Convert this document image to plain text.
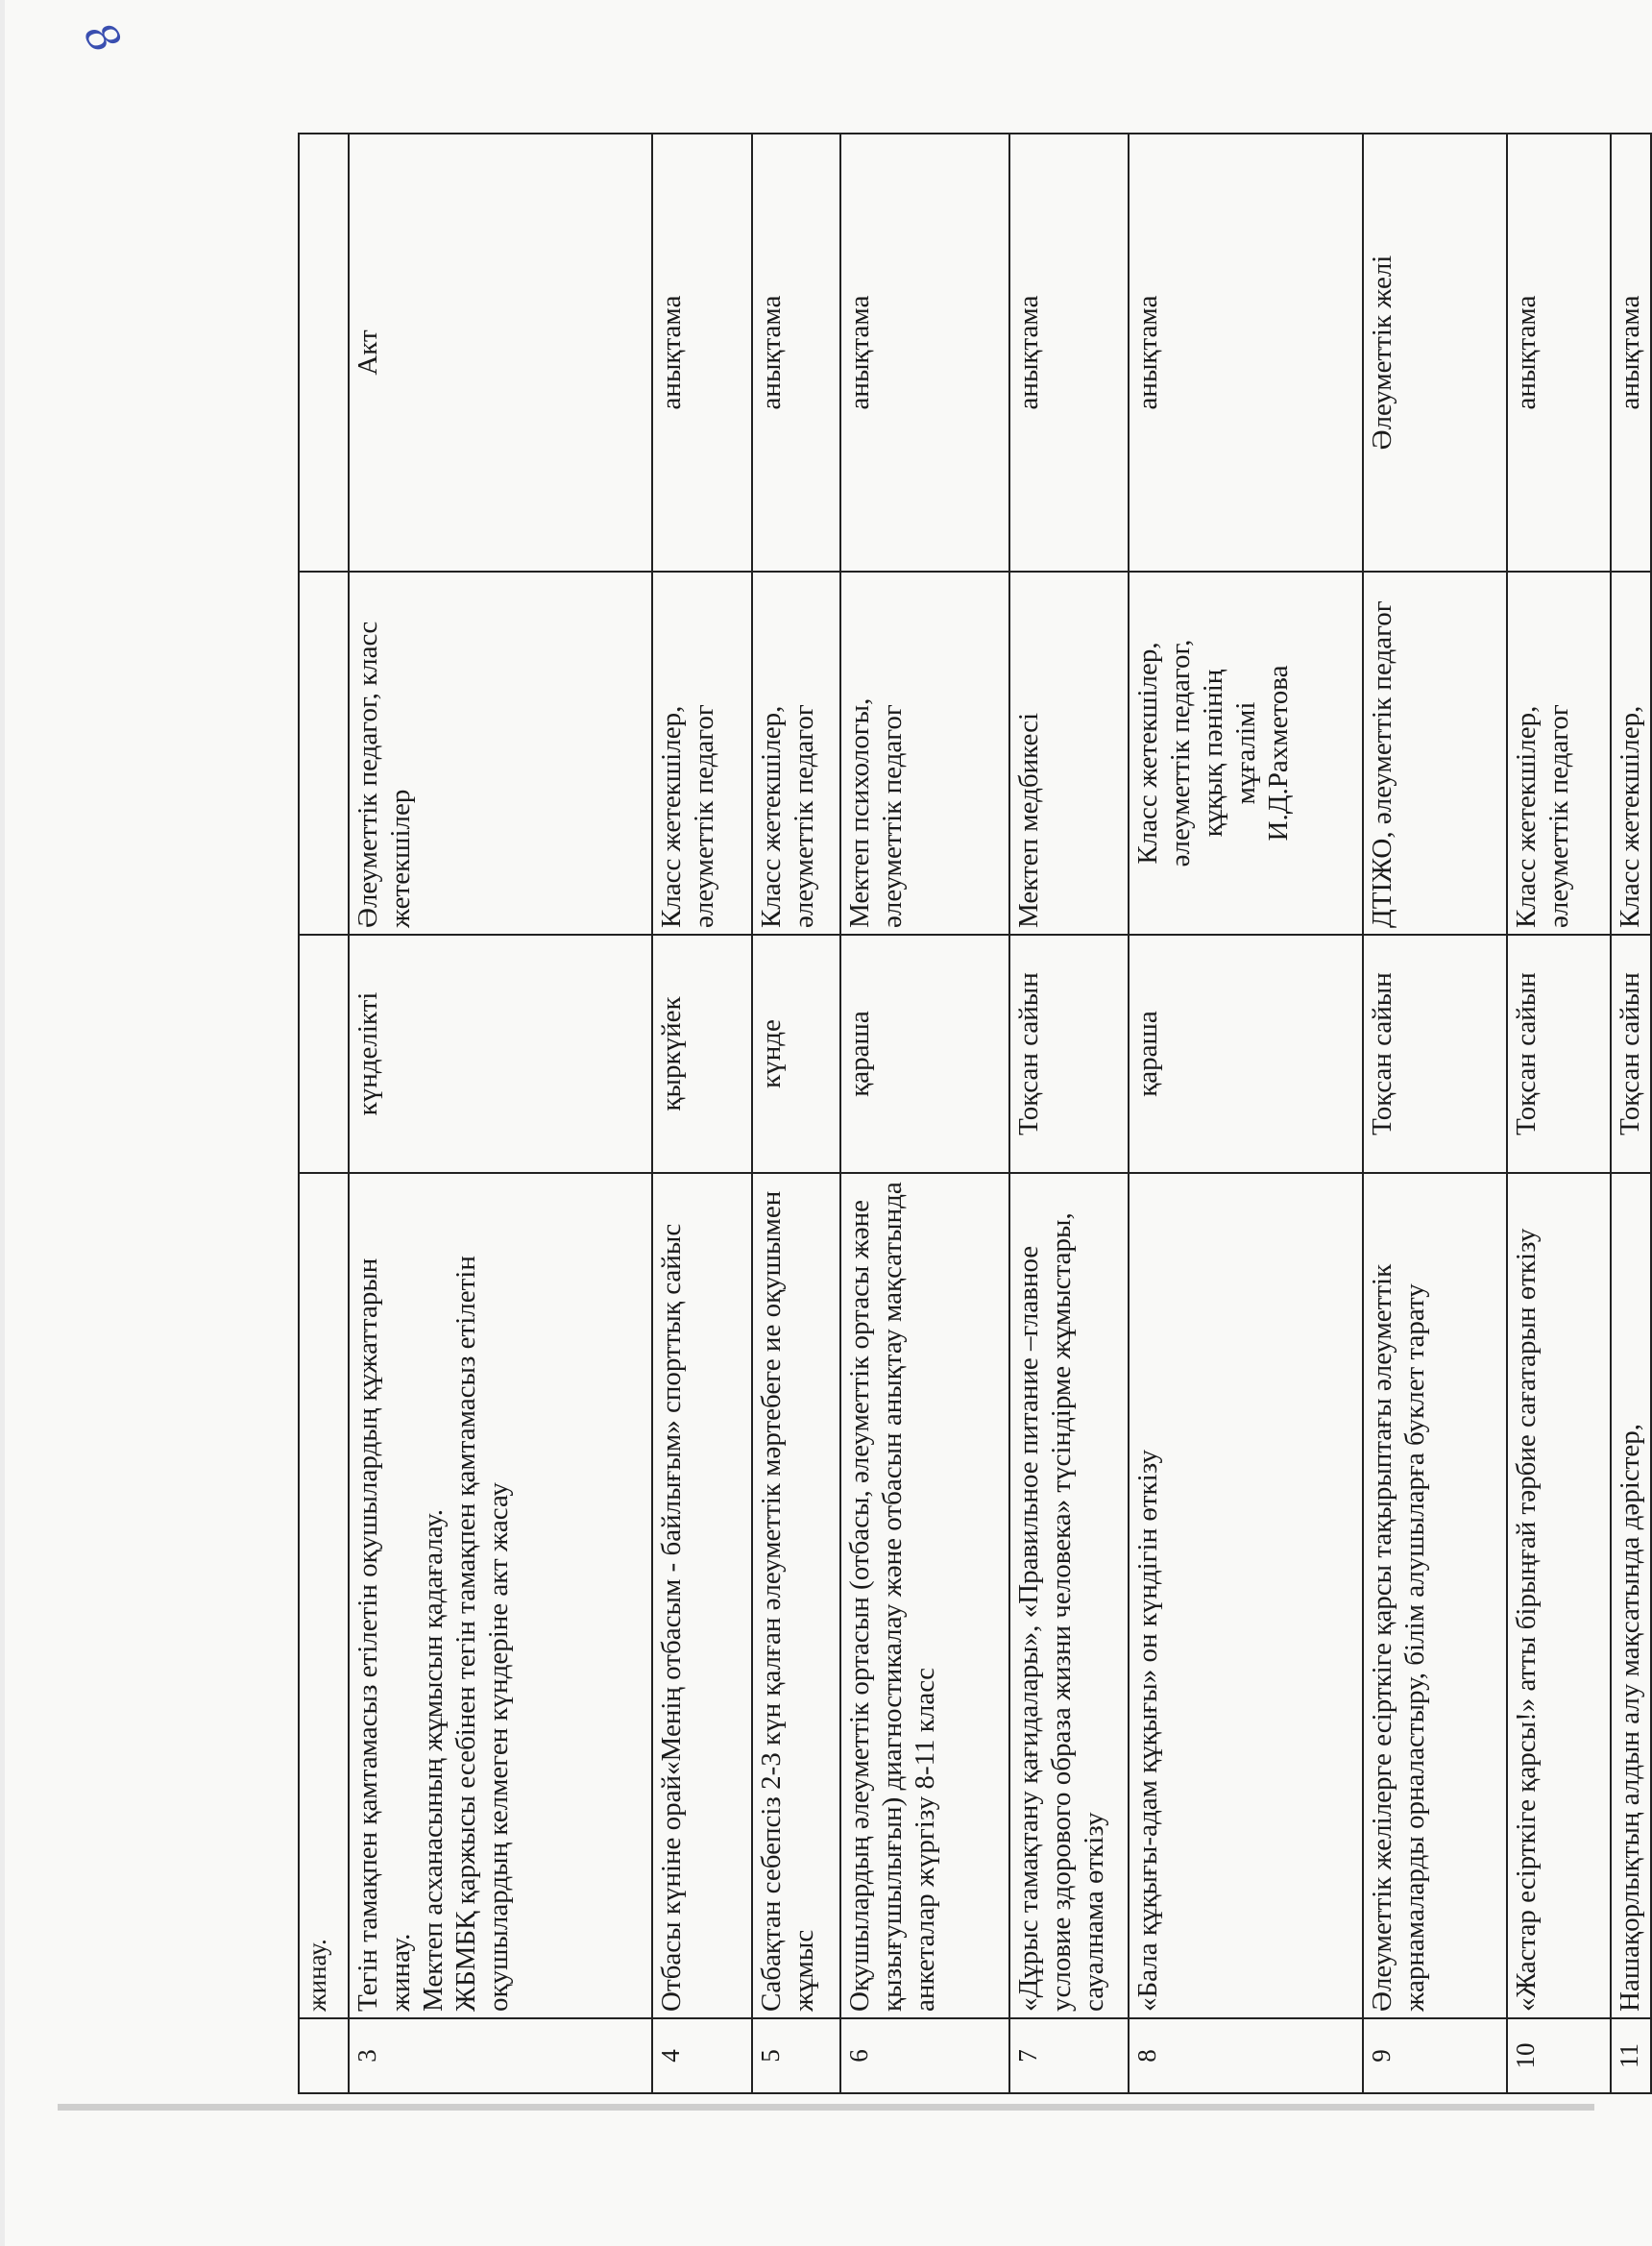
8

	жинау.			

3	Тегін тамақпен қамтамасыз етілетін оқушылардың құжаттарын жинау. Мектеп асханасының жұмысын қадағалау. ЖБМБҚ қаржысы есебінен тегін тамақпен қамтамасыз етілетін оқушылардың келмеген күндеріне акт жасау	күнделікті	Әлеуметтік педагог, класс жетекшілер	Акт
4	Отбасы күніне орай«Менің отбасым - байлығым» спорттық сайыс	қыркүйек	Класс жетекшілер, әлеуметтік педагог	анықтама
5	Сабақтан себепсіз 2-3 күн қалған әлеуметтік мәртебеге ие оқушымен жұмыс	күнде	Класс жетекшілер, әлеуметтік педагог	анықтама
6	Оқушылардың әлеуметтік ортасын (отбасы, әлеуметтік ортасы және қызығушылығын) диагностикалау және отбасын анықтау мақсатында анкеталар жүргізу 8-11 класс	қараша	Мектеп психологы, әлеуметтік педагог	анықтама
7	«Дұрыс тамақтану қағидалары», «Правильное питание –главное условие здорового образа жизни человека» түсіндірме жұмыстары, сауалнама өткізу	Тоқсан сайын	Мектеп медбикесі	анықтама
8	«Бала құқығы-адам құқығы» он күндігін өткізу	қараша	Класс жетекшілер, әлеуметтік педагог, құқық пәнінің мұғалімі И.Д.Рахметова	анықтама
9	Әлеуметтік желілерге есірткіге қарсы тақырыптағы әлеуметтік жарнамаларды орналастыру, білім алушыларға буклет тарату	Тоқсан сайын	ДТІЖО, әлеуметтік педагог	Әлеуметтік желі
10	«Жастар есірткіге қарсы!» атты бірыңғай тәрбие сағатарын өткізу	Тоқсан сайын	Класс жетекшілер, әлеуметтік педагог	анықтама
11	Нашақорлықтың алдын алу мақсатында дәрістер,	Тоқсан сайын	Класс жетекшілер,	анықтама
